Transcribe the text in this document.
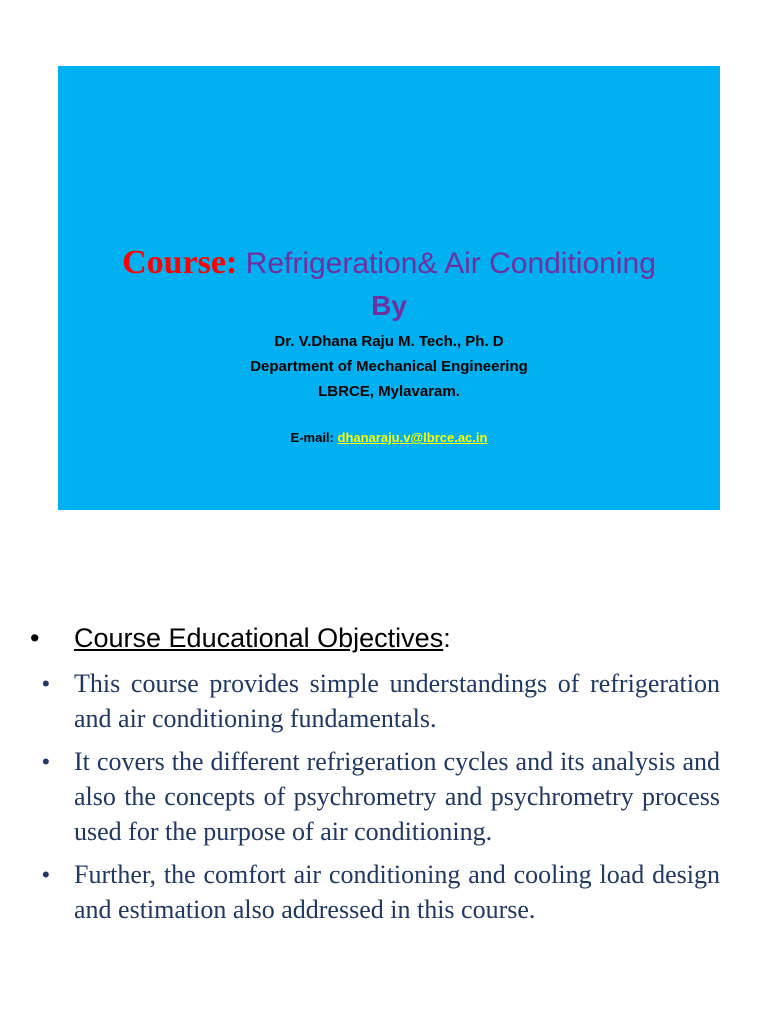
Course: Refrigeration& Air Conditioning
By
Dr. V.Dhana Raju M. Tech., Ph. D
Department of Mechanical Engineering
LBRCE, Mylavaram.
E-mail: dhanaraju.v@lbrce.ac.in
• Course Educational Objectives:
• This course provides simple understandings of refrigeration and air conditioning fundamentals.
• It covers the different refrigeration cycles and its analysis and also the concepts of psychrometry and psychrometry process used for the purpose of air conditioning.
• Further, the comfort air conditioning and cooling load design and estimation also addressed in this course.
